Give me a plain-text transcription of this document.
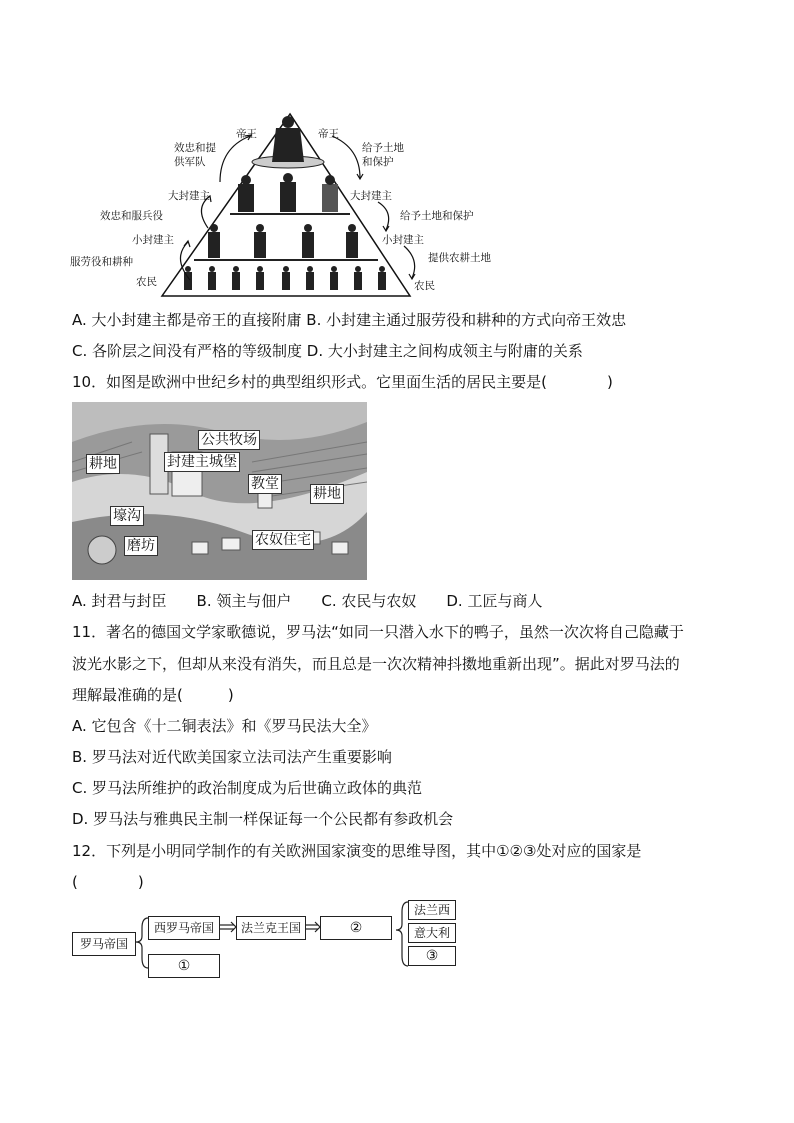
帝王	帝王
效忠和提
供军队
给予土地
和保护
大封建主	大封建主
效忠和服兵役	给予土地和保护
小封建主	小封建主
服劳役和耕种	提供农耕土地
农民	农民
A. 大小封建主都是帝王的直接附庸 B. 小封建主通过服劳役和耕种的方式向帝王效忠
C. 各阶层之间没有严格的等级制度 D. 大小封建主之间构成领主与附庸的关系
10．如图是欧洲中世纪乡村的典型组织形式。它里面生活的居民主要是(　　　　)
公共牧场
耕地	封建主城堡
教堂
耕地
壕沟
磨坊	农奴住宅
A. 封君与封臣　　B. 领主与佃户　　C. 农民与农奴　　D. 工匠与商人
11．著名的德国文学家歌德说，罗马法“如同一只潜入水下的鸭子，虽然一次次将自己隐藏于
波光水影之下，但却从来没有消失，而且总是一次次精神抖擞地重新出现”。据此对罗马法的
理解最准确的是(　　　)
A. 它包含《十二铜表法》和《罗马民法大全》
B. 罗马法对近代欧美国家立法司法产生重要影响
C. 罗马法所维护的政治制度成为后世确立政体的典范
D. 罗马法与雅典民主制一样保证每一个公民都有参政机会
12．下列是小明同学制作的有关欧洲国家演变的思维导图，其中①②③处对应的国家是
(　　　　)
罗马帝国
西罗马帝国	法兰克王国	②
①
法兰西
意大利
③
